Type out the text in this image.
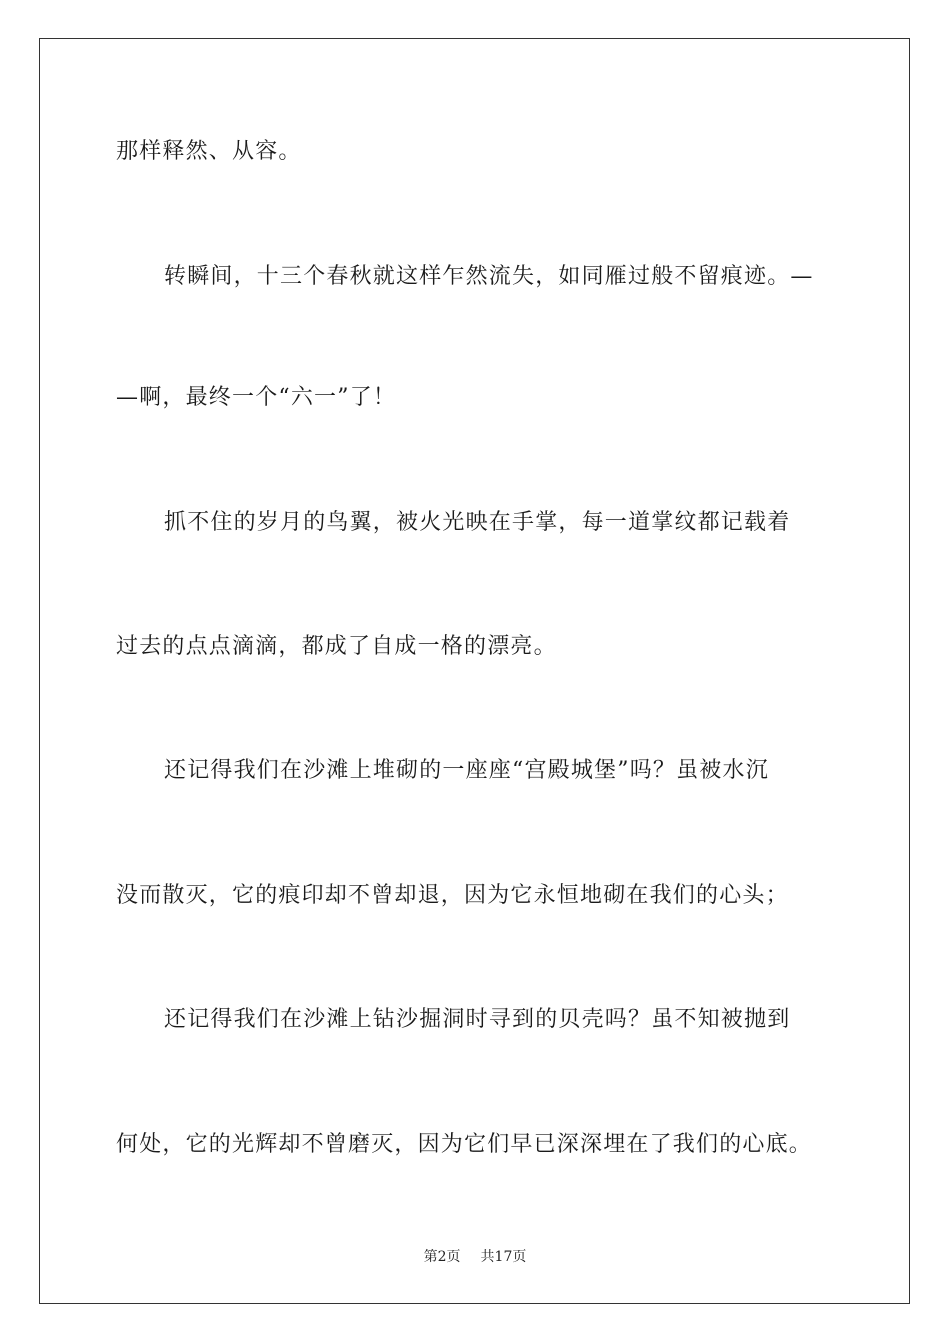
那样释然、从容。
转瞬间，十三个春秋就这样乍然流失，如同雁过般不留痕迹。—
—啊，最终一个“六一”了！
抓不住的岁月的鸟翼，被火光映在手掌，每一道掌纹都记载着
过去的点点滴滴，都成了自成一格的漂亮。
还记得我们在沙滩上堆砌的一座座“宫殿城堡”吗？虽被水沉
没而散灭，它的痕印却不曾却退，因为它永恒地砌在我们的心头；
还记得我们在沙滩上钻沙掘洞时寻到的贝壳吗？虽不知被抛到
何处，它的光辉却不曾磨灭，因为它们早已深深埋在了我们的心底。
第2页 共17页
